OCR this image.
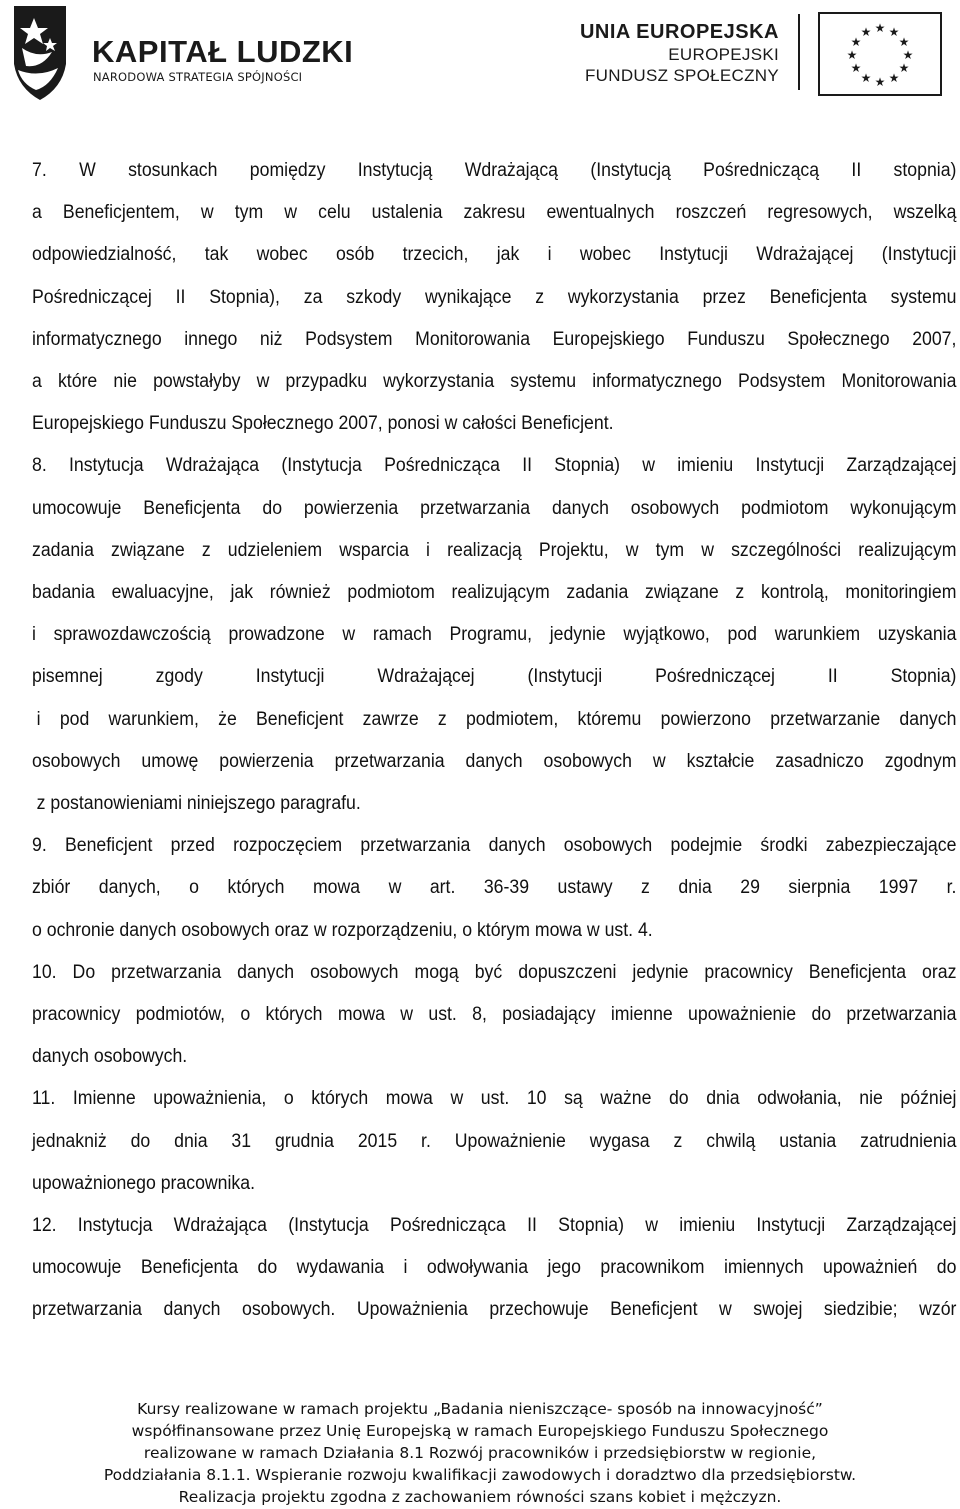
KAPITAŁ LUDZKI
NARODOWA STRATEGIA SPÓJNOŚCI
UNIA EUROPEJSKA
EUROPEJSKI
FUNDUSZ SPOŁECZNY
★ ★
★
★
★
★
★
★
★
★
★
★
7. W stosunkach pomiędzy Instytucją Wdrażającą (Instytucją Pośredniczącą II stopnia)
a Beneficjentem, w tym w celu ustalenia zakresu ewentualnych roszczeń regresowych, wszelką
odpowiedzialność, tak wobec osób trzecich, jak i wobec Instytucji Wdrażającej (Instytucji
Pośredniczącej II Stopnia), za szkody wynikające z wykorzystania przez Beneficjenta systemu
informatycznego innego niż Podsystem Monitorowania Europejskiego Funduszu Społecznego 2007,
a które nie powstałyby w przypadku wykorzystania systemu informatycznego Podsystem Monitorowania
Europejskiego Funduszu Społecznego 2007, ponosi w całości Beneficjent.
8. Instytucja Wdrażająca (Instytucja Pośrednicząca II Stopnia) w imieniu Instytucji Zarządzającej
umocowuje Beneficjenta do powierzenia przetwarzania danych osobowych podmiotom wykonującym
zadania związane z udzieleniem wsparcia i realizacją Projektu, w tym w szczególności realizującym
badania ewaluacyjne, jak również podmiotom realizującym zadania związane z kontrolą, monitoringiem
i sprawozdawczością prowadzone w ramach Programu, jedynie wyjątkowo, pod warunkiem uzyskania
pisemnej zgody Instytucji Wdrażającej (Instytucji Pośredniczącej II Stopnia)
i pod warunkiem, że Beneficjent zawrze z podmiotem, któremu powierzono przetwarzanie danych
osobowych umowę powierzenia przetwarzania danych osobowych w kształcie zasadniczo zgodnym
z postanowieniami niniejszego paragrafu.
9. Beneficjent przed rozpoczęciem przetwarzania danych osobowych podejmie środki zabezpieczające
zbiór danych, o których mowa w art. 36-39 ustawy z dnia 29 sierpnia 1997 r.
o ochronie danych osobowych oraz w rozporządzeniu, o którym mowa w ust. 4.
10. Do przetwarzania danych osobowych mogą być dopuszczeni jedynie pracownicy Beneficjenta oraz
pracownicy podmiotów, o których mowa w ust. 8, posiadający imienne upoważnienie do przetwarzania
danych osobowych.
11. Imienne upoważnienia, o których mowa w ust. 10 są ważne do dnia odwołania, nie później
jednakniż do dnia 31 grudnia 2015 r. Upoważnienie wygasa z chwilą ustania zatrudnienia
upoważnionego pracownika.
12. Instytucja Wdrażająca (Instytucja Pośrednicząca II Stopnia) w imieniu Instytucji Zarządzającej
umocowuje Beneficjenta do wydawania i odwoływania jego pracownikom imiennych upoważnień do
przetwarzania danych osobowych. Upoważnienia przechowuje Beneficjent w swojej siedzibie; wzór
Kursy realizowane w ramach projektu „Badania nieniszczące- sposób na innowacyjność”
współfinansowane przez Unię Europejską w ramach Europejskiego Funduszu Społecznego
realizowane w ramach Działania 8.1 Rozwój pracowników i przedsiębiorstw w regionie,
Poddziałania 8.1.1. Wspieranie rozwoju kwalifikacji zawodowych i doradztwo dla przedsiębiorstw.
Realizacja projektu zgodna z zachowaniem równości szans kobiet i mężczyzn.
